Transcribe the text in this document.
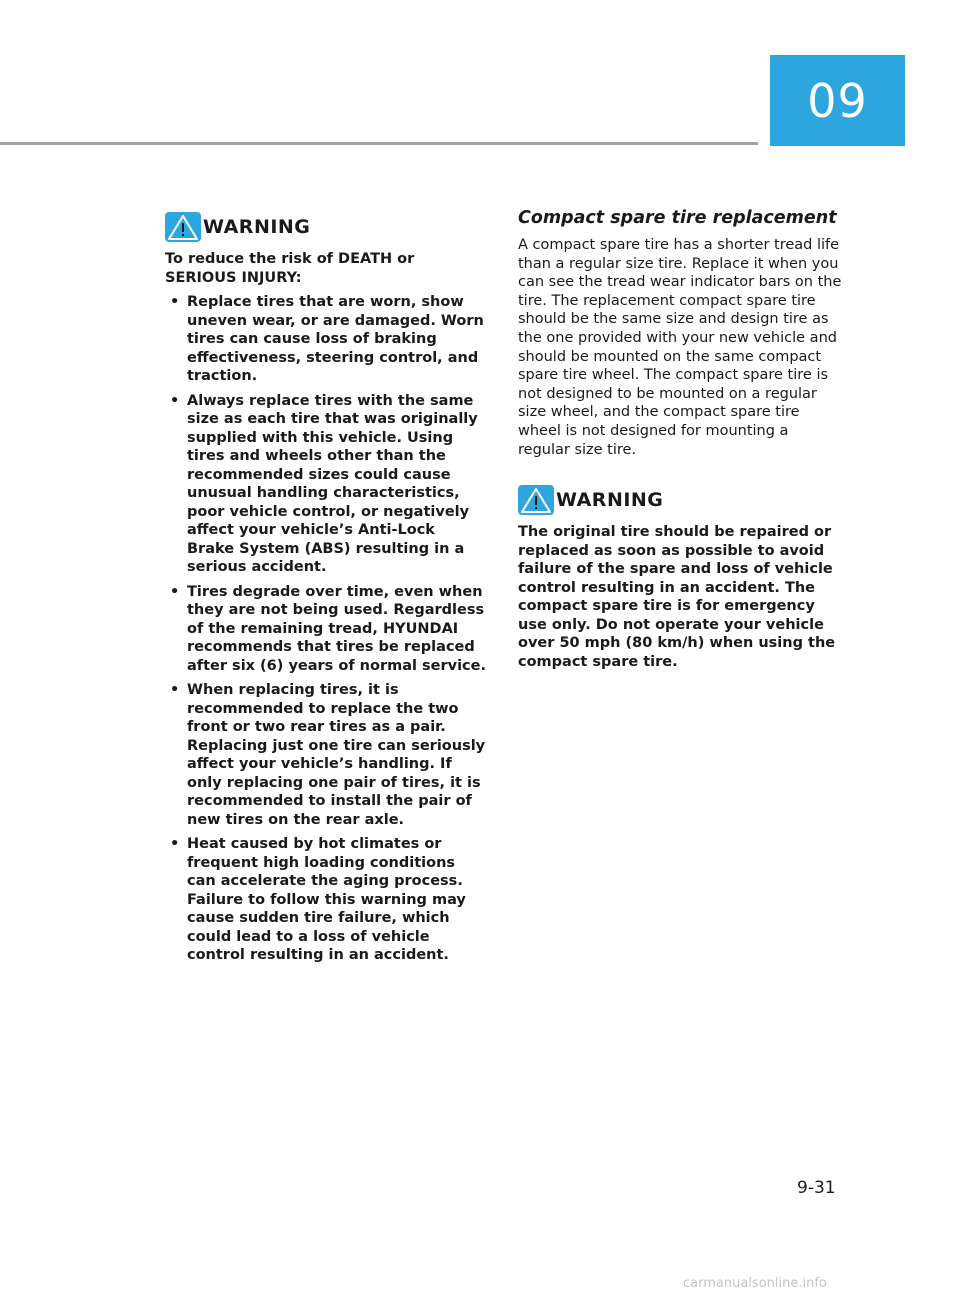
09
WARNING

To reduce the risk of DEATH or SERIOUS INJURY:

• Replace tires that are worn, show uneven wear, or are damaged. Worn tires can cause loss of braking effectiveness, steering control, and traction.
• Always replace tires with the same size as each tire that was originally supplied with this vehicle. Using tires and wheels other than the recommended sizes could cause unusual handling characteristics, poor vehicle control, or negatively affect your vehicle’s Anti-Lock Brake System (ABS) resulting in a serious accident.
• Tires degrade over time, even when they are not being used. Regardless of the remaining tread, HYUNDAI recommends that tires be replaced after six (6) years of normal service.
• When replacing tires, it is recommended to replace the two front or two rear tires as a pair. Replacing just one tire can seriously affect your vehicle’s handling. If only replacing one pair of tires, it is recommended to install the pair of new tires on the rear axle.
• Heat caused by hot climates or frequent high loading conditions can accelerate the aging process. Failure to follow this warning may cause sudden tire failure, which could lead to a loss of vehicle control resulting in an accident.
Compact spare tire replacement

A compact spare tire has a shorter tread life than a regular size tire. Replace it when you can see the tread wear indicator bars on the tire. The replacement compact spare tire should be the same size and design tire as the one provided with your new vehicle and should be mounted on the same compact spare tire wheel. The compact spare tire is not designed to be mounted on a regular size wheel, and the compact spare tire wheel is not designed for mounting a regular size tire.

WARNING

The original tire should be repaired or replaced as soon as possible to avoid failure of the spare and loss of vehicle control resulting in an accident. The compact spare tire is for emergency use only. Do not operate your vehicle over 50 mph (80 km/h) when using the compact spare tire.

9-31
carmanualsonline.info
